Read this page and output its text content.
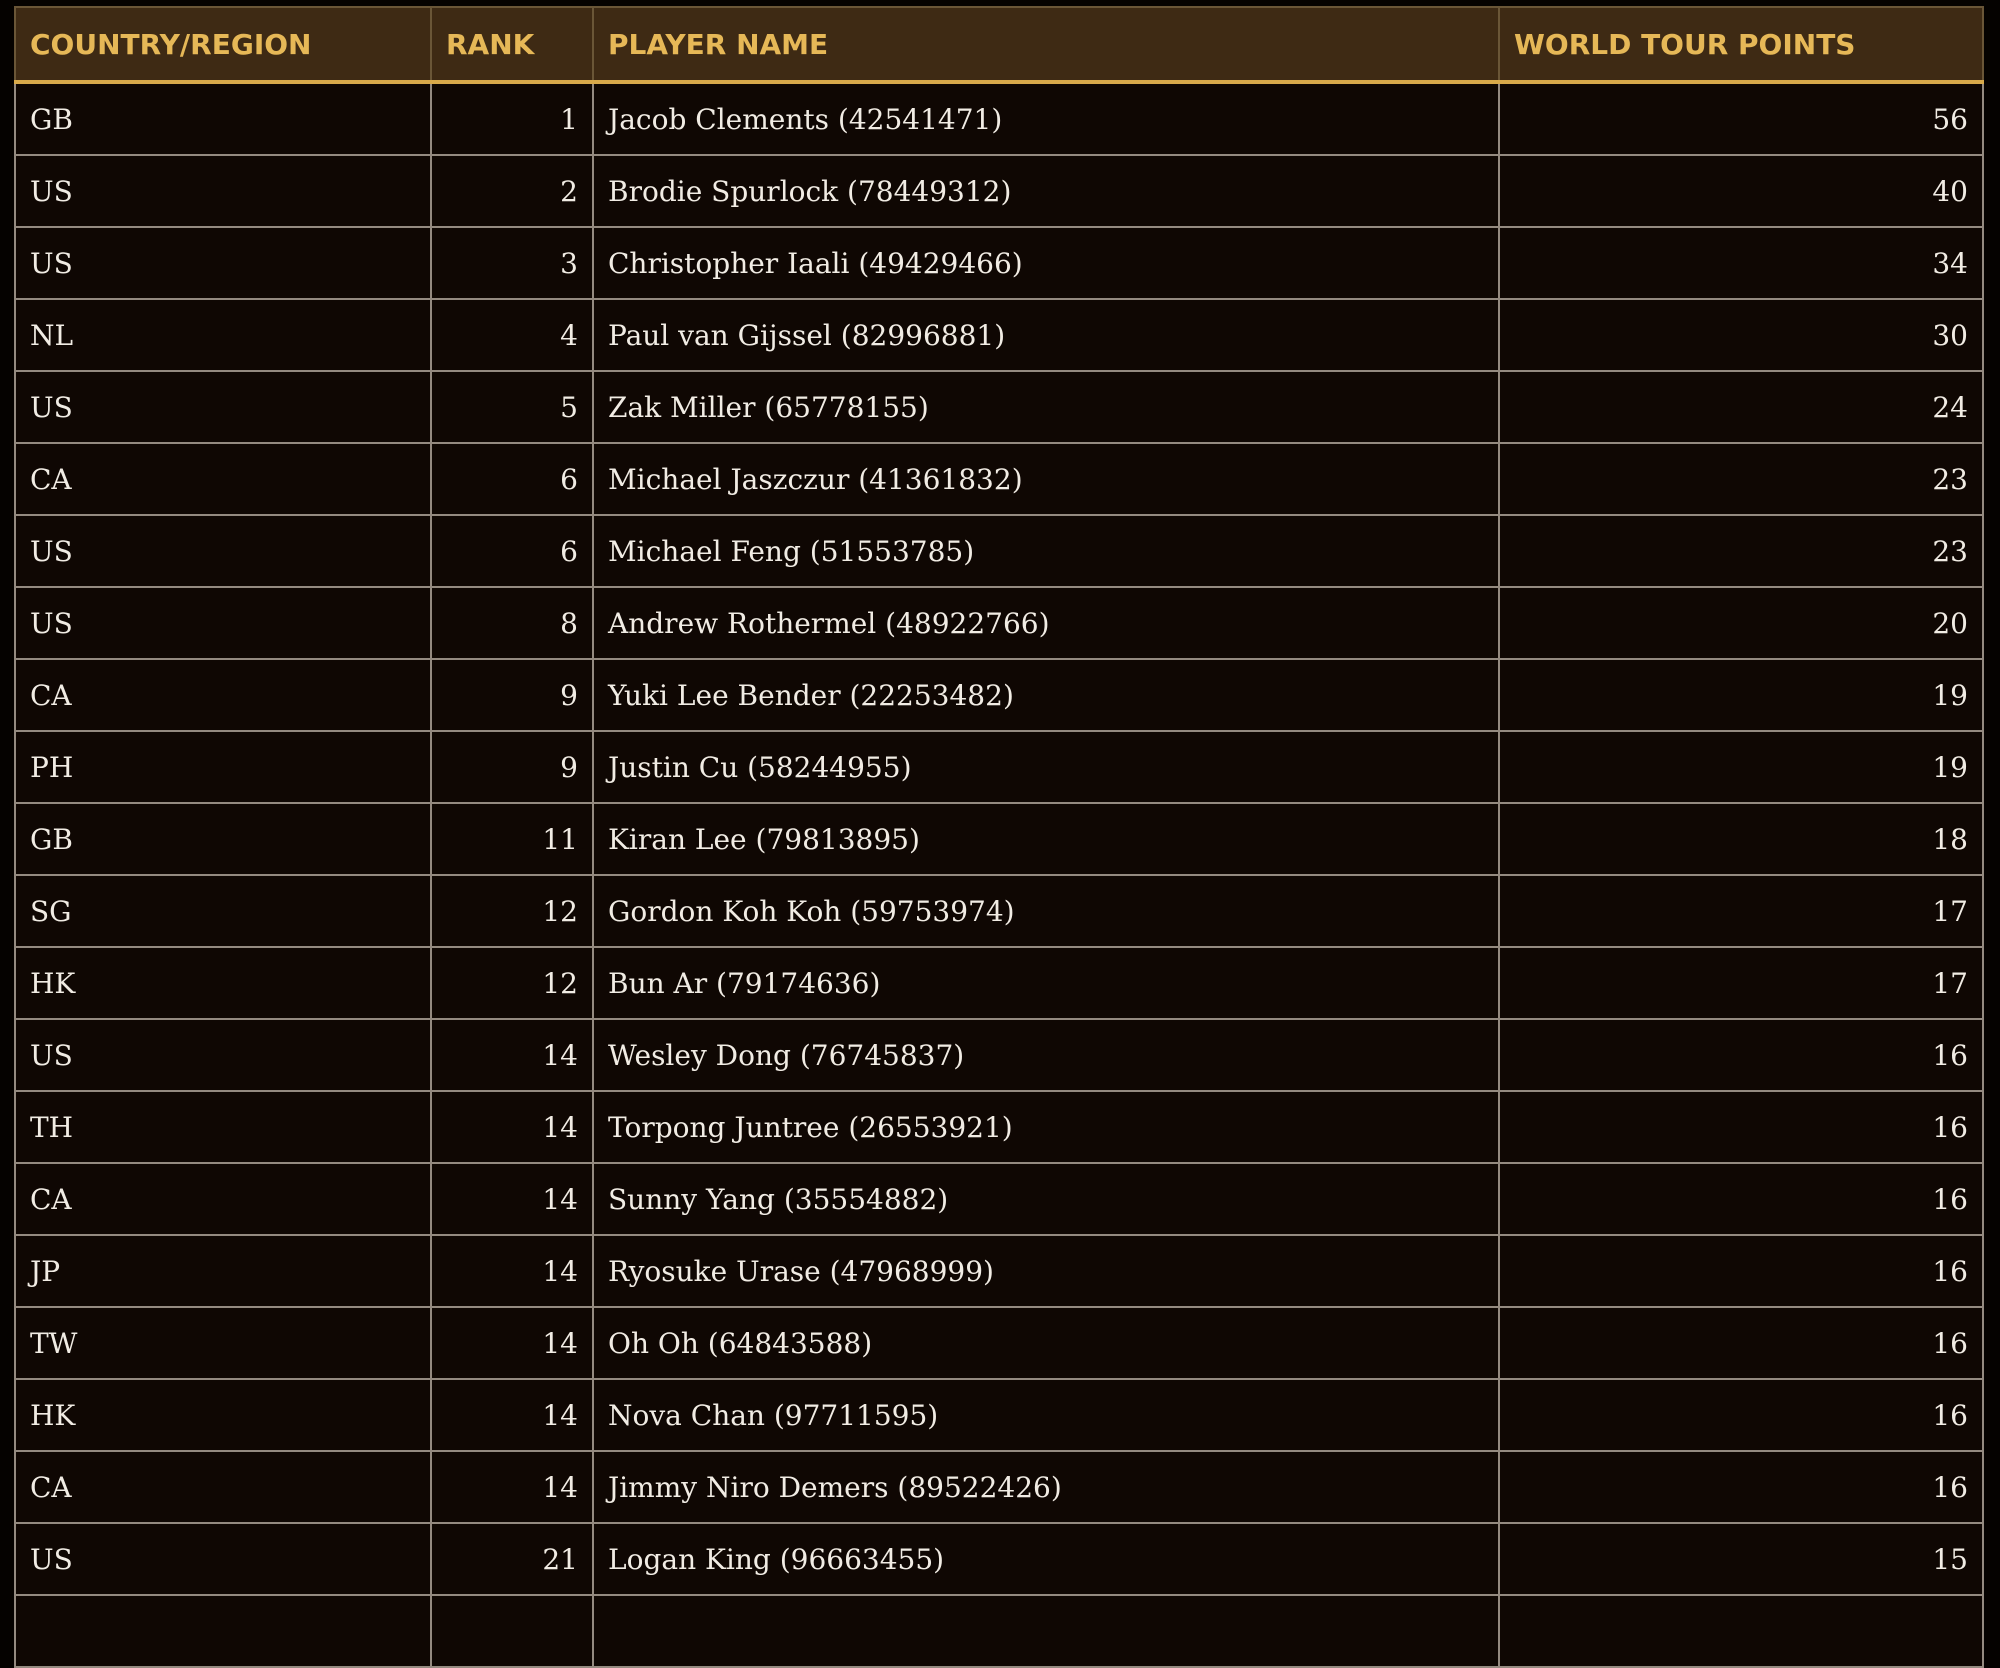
COUNTRY/REGION	RANK	PLAYER NAME	WORLD TOUR POINTS
GB	1	Jacob Clements (42541471)	56
US	2	Brodie Spurlock (78449312)	40
US	3	Christopher Iaali (49429466)	34
NL	4	Paul van Gijssel (82996881)	30
US	5	Zak Miller (65778155)	24
CA	6	Michael Jaszczur (41361832)	23
US	6	Michael Feng (51553785)	23
US	8	Andrew Rothermel (48922766)	20
CA	9	Yuki Lee Bender (22253482)	19
PH	9	Justin Cu (58244955)	19
GB	11	Kiran Lee (79813895)	18
SG	12	Gordon Koh Koh (59753974)	17
HK	12	Bun Ar (79174636)	17
US	14	Wesley Dong (76745837)	16
TH	14	Torpong Juntree (26553921)	16
CA	14	Sunny Yang (35554882)	16
JP	14	Ryosuke Urase (47968999)	16
TW	14	Oh Oh (64843588)	16
HK	14	Nova Chan (97711595)	16
CA	14	Jimmy Niro Demers (89522426)	16
US	21	Logan King (96663455)	15
